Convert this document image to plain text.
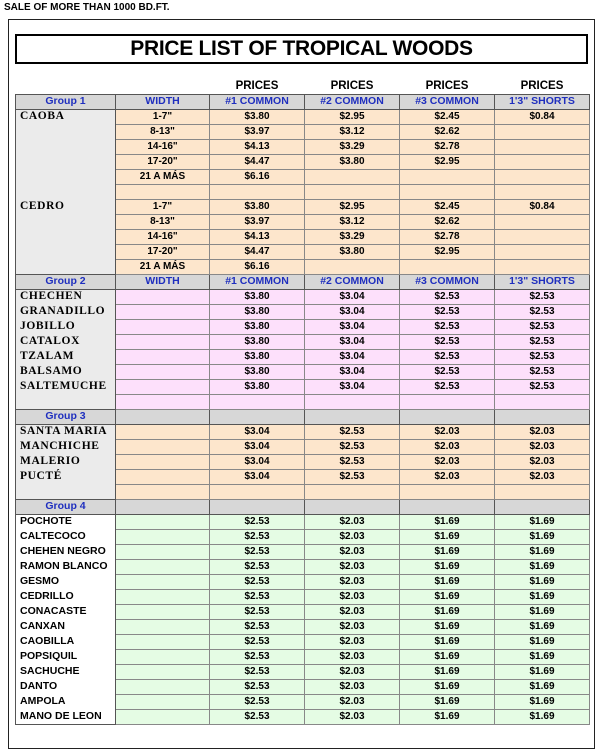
SALE OF MORE THAN 1000 BD.FT.
PRICE LIST OF TROPICAL WOODS
		PRICES	PRICES	PRICES	PRICES
Group 1	WIDTH	#1 COMMON	#2 COMMON	#3 COMMON	1'3" SHORTS
CAOBA	1-7"	$3.80	$2.95	$2.45	$0.84
	8-13"	$3.97	$3.12	$2.62	
	14-16"	$4.13	$3.29	$2.78	
	17-20"	$4.47	$3.80	$2.95	
	21 A MÁS	$6.16			

CEDRO	1-7"	$3.80	$2.95	$2.45	$0.84
	8-13"	$3.97	$3.12	$2.62	
	14-16"	$4.13	$3.29	$2.78	
	17-20"	$4.47	$3.80	$2.95	
	21 A MÁS	$6.16			
Group 2	WIDTH	#1 COMMON	#2 COMMON	#3 COMMON	1'3" SHORTS
CHECHEN		$3.80	$3.04	$2.53	$2.53
GRANADILLO		$3.80	$3.04	$2.53	$2.53
JOBILLO		$3.80	$3.04	$2.53	$2.53
CATALOX		$3.80	$3.04	$2.53	$2.53
TZALAM		$3.80	$3.04	$2.53	$2.53
BALSAMO		$3.80	$3.04	$2.53	$2.53
SALTEMUCHE		$3.80	$3.04	$2.53	$2.53

Group 3					
SANTA MARIA		$3.04	$2.53	$2.03	$2.03
MANCHICHE		$3.04	$2.53	$2.03	$2.03
MALERIO		$3.04	$2.53	$2.03	$2.03
PUCTÉ		$3.04	$2.53	$2.03	$2.03

Group 4					
POCHOTE		$2.53	$2.03	$1.69	$1.69
CALTECOCO		$2.53	$2.03	$1.69	$1.69
CHEHEN NEGRO		$2.53	$2.03	$1.69	$1.69
RAMON BLANCO		$2.53	$2.03	$1.69	$1.69
GESMO		$2.53	$2.03	$1.69	$1.69
CEDRILLO		$2.53	$2.03	$1.69	$1.69
CONACASTE		$2.53	$2.03	$1.69	$1.69
CANXAN		$2.53	$2.03	$1.69	$1.69
CAOBILLA		$2.53	$2.03	$1.69	$1.69
POPSIQUIL		$2.53	$2.03	$1.69	$1.69
SACHUCHE		$2.53	$2.03	$1.69	$1.69
DANTO		$2.53	$2.03	$1.69	$1.69
AMPOLA		$2.53	$2.03	$1.69	$1.69
MANO DE LEON		$2.53	$2.03	$1.69	$1.69
